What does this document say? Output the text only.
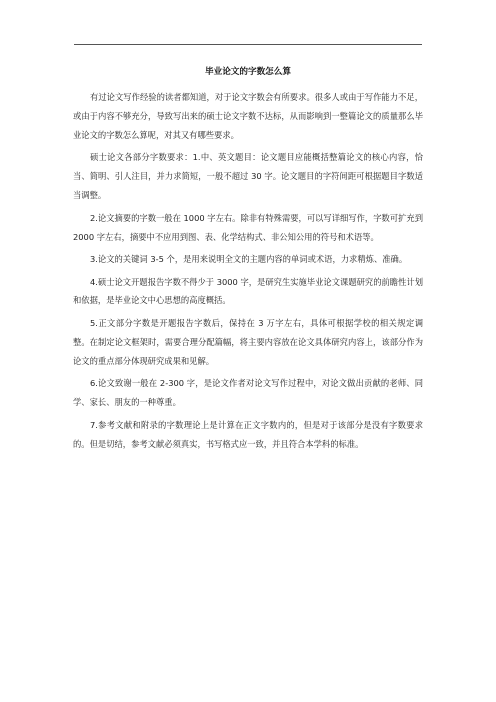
毕业论文的字数怎么算

有过论文写作经验的读者都知道，对于论文字数会有所要求。很多人或由于写作能力不足，或由于内容不够充分，导致写出来的硕士论文字数不达标，从而影响到一整篇论文的质量那么毕业论文的字数怎么算呢，对其又有哪些要求。

硕士论文各部分字数要求：1.中、英文题目：论文题目应能概括整篇论文的核心内容，恰当、简明、引人注目，并力求简短，一般不超过 30 字。论文题目的字符间距可根据题目字数适当调整。

2.论文摘要的字数一般在 1000 字左右。除非有特殊需要，可以写详细写作，字数可扩充到 2000 字左右，摘要中不应用到图、表、化学结构式、非公知公用的符号和术语等。

3.论文的关键词 3-5 个，是用来说明全文的主题内容的单词或术语，力求精炼、准确。

4.硕士论文开题报告字数不得少于 3000 字，是研究生实施毕业论文课题研究的前瞻性计划和依据，是毕业论文中心思想的高度概括。

5.正文部分字数是开题报告字数后，保持在 3 万字左右，具体可根据学校的相关规定调整。在制定论文框架时，需要合理分配篇幅，将主要内容放在论文具体研究内容上，该部分作为论文的重点部分体现研究成果和见解。

6.论文致谢一般在 2-300 字，是论文作者对论文写作过程中，对论文做出贡献的老师、同学、家长、朋友的一种尊重。

7.参考文献和附录的字数理论上是计算在正文字数内的，但是对于该部分是没有字数要求的。但是切结，参考文献必须真实，书写格式应一致，并且符合本学科的标准。
